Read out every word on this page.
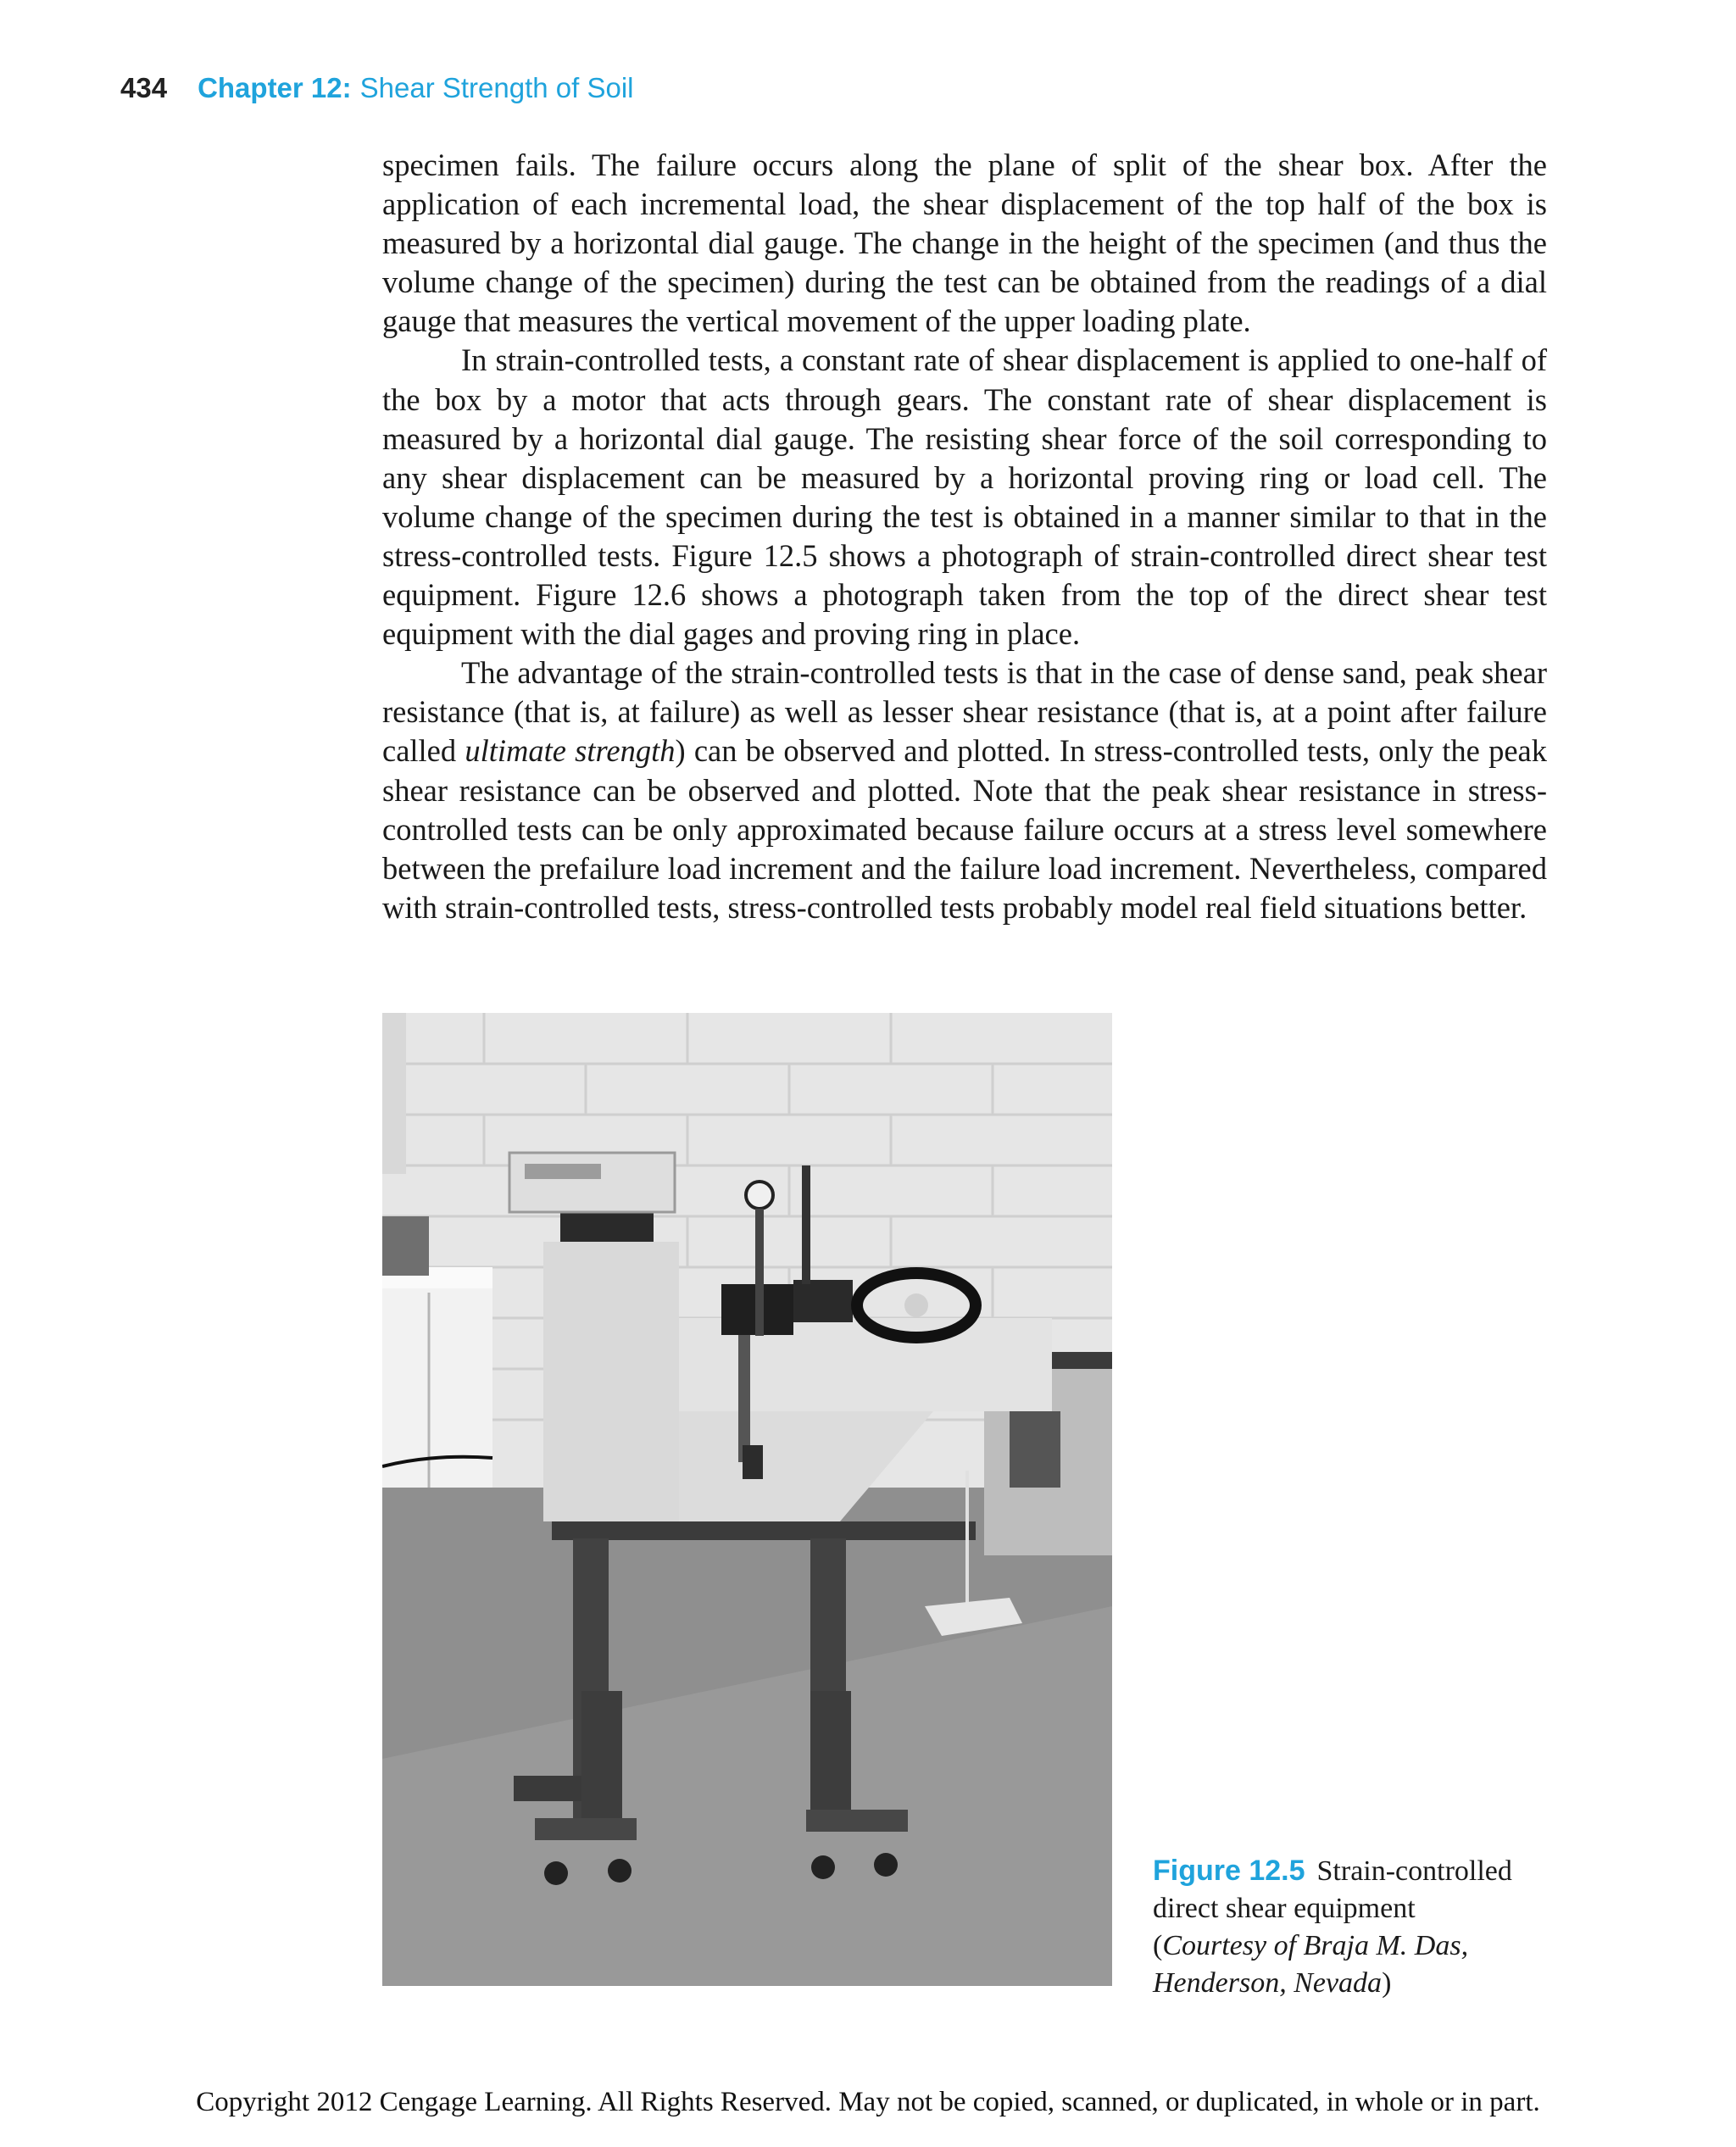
434 Chapter 12: Shear Strength of Soil

specimen fails. The failure occurs along the plane of split of the shear box. After the application of each incremental load, the shear displacement of the top half of the box is measured by a horizontal dial gauge. The change in the height of the specimen (and thus the volume change of the specimen) during the test can be obtained from the readings of a dial gauge that measures the vertical movement of the upper loading plate.

In strain-controlled tests, a constant rate of shear displacement is applied to one-half of the box by a motor that acts through gears. The constant rate of shear displacement is measured by a horizontal dial gauge. The resisting shear force of the soil corresponding to any shear displacement can be measured by a horizontal proving ring or load cell. The volume change of the specimen during the test is obtained in a manner similar to that in the stress-controlled tests. Figure 12.5 shows a photograph of strain-controlled direct shear test equipment. Figure 12.6 shows a photograph taken from the top of the direct shear test equipment with the dial gages and proving ring in place.

The advantage of the strain-controlled tests is that in the case of dense sand, peak shear resistance (that is, at failure) as well as lesser shear resistance (that is, at a point after failure called ultimate strength) can be observed and plotted. In stress-controlled tests, only the peak shear resistance can be observed and plotted. Note that the peak shear resistance in stress-controlled tests can be only approximated because failure occurs at a stress level somewhere between the prefailure load increment and the failure load increment. Nevertheless, compared with strain-controlled tests, stress-controlled tests probably model real field situations better.

Figure 12.5 Strain-controlled direct shear equipment
(Courtesy of Braja M. Das, Henderson, Nevada)
Copyright 2012 Cengage Learning. All Rights Reserved. May not be copied, scanned, or duplicated, in whole or in part.
